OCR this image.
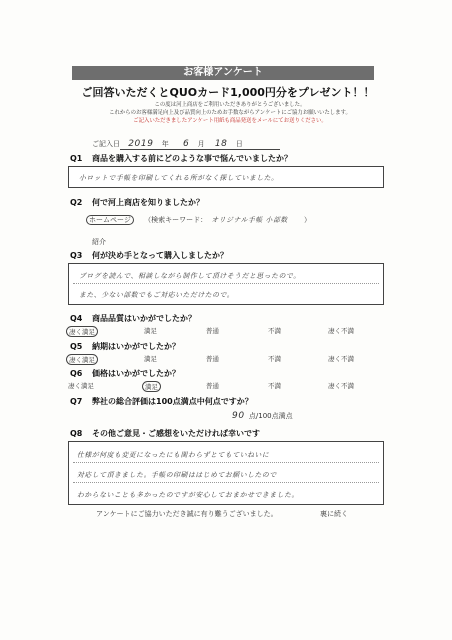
お客様アンケート
ご回答いただくとQUOカード1,000円分をプレゼント！！
この度は河上商店をご利用いただきありがとうございました。
これからのお客様満足向上及び品質向上のためお手数ながらアンケートにご協力お願いいたします。
ご記入いただきましたアンケート用紙も商品発送をメールにてお送りください。
ご記入日 2019 年 6 月 18 日
Q1 商品を購入する前にどのような事で悩んでいましたか？
小ロットで手帳を印刷してくれる所がなく探していました。
Q2 何で河上商店を知りましたか？
ホームページ （検索キーワード： オリジナル手帳 小部数 ）
紹介
Q3 何が決め手となって購入しましたか？
ブログを読んで、相談しながら制作して頂けそうだと思ったので。
また、少ない部数でもご対応いただけたので。
Q4 商品品質はいかがでしたか？
凄く満足	満足	普通	不満	凄く不満
Q5 納期はいかがでしたか？
凄く満足	満足	普通	不満	凄く不満
Q6 価格はいかがでしたか？
凄く満足	満足	普通	不満	凄く不満
Q7 弊社の総合評価は100点満点中何点ですか？
90 点/100点満点
Q8 その他ご意見・ご感想をいただければ幸いです
仕様が何度も変更になったにも関わらずとてもていねいに
対応して頂きました。手帳の印刷ははじめてお願いしたので
わからないことも多かったのですが安心しておまかせできました。
アンケートにご協力いただき誠に有り難うございました。	裏に続く
